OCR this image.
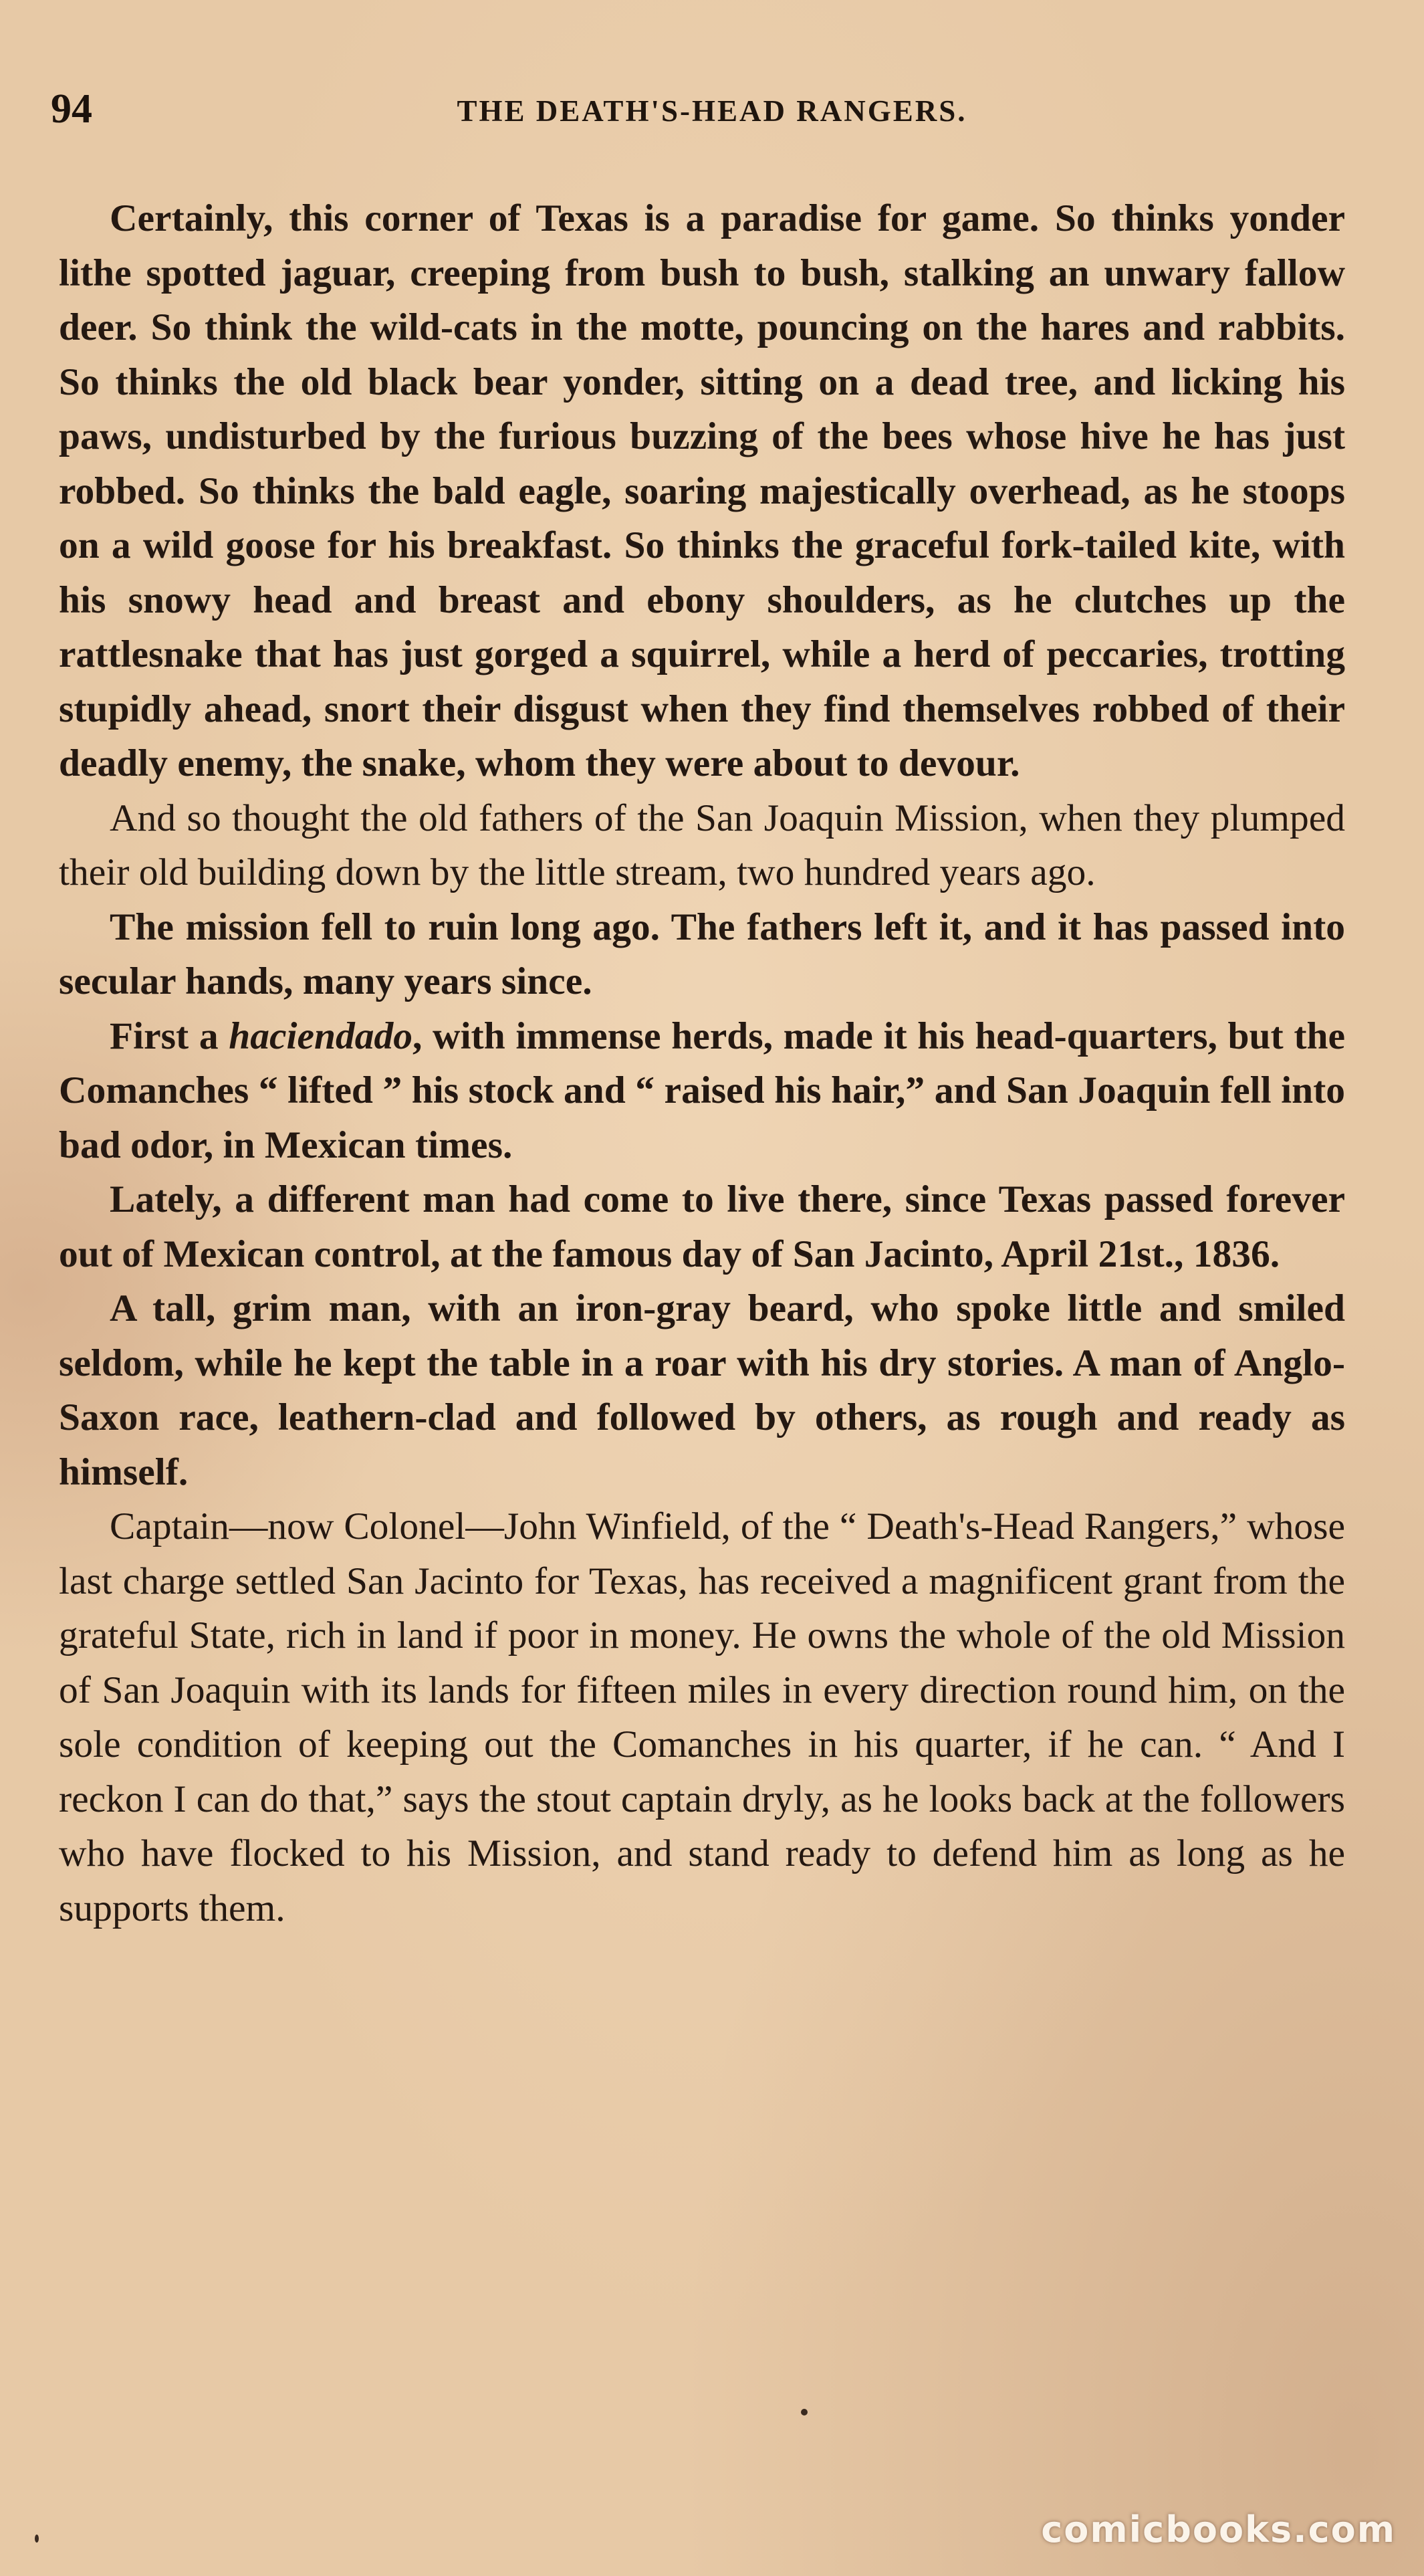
94	THE DEATH'S-HEAD RANGERS.

Certainly, this corner of Texas is a paradise for game. So thinks yonder lithe spotted jaguar, creeping from bush to bush, stalking an unwary fallow deer. So think the wild-cats in the motte, pouncing on the hares and rabbits. So thinks the old black bear yonder, sitting on a dead tree, and licking his paws, undisturbed by the furious buzzing of the bees whose hive he has just robbed. So thinks the bald eagle, soaring majestically overhead, as he stoops on a wild goose for his breakfast. So thinks the graceful fork-tailed kite, with his snowy head and breast and ebony shoulders, as he clutches up the rattlesnake that has just gorged a squirrel, while a herd of peccaries, trotting stupidly ahead, snort their disgust when they find themselves robbed of their deadly enemy, the snake, whom they were about to devour.

And so thought the old fathers of the San Joaquin Mission, when they plumped their old building down by the little stream, two hundred years ago.

The mission fell to ruin long ago. The fathers left it, and it has passed into secular hands, many years since.

First a haciendado, with immense herds, made it his head-quarters, but the Comanches “ lifted ” his stock and “ raised his hair,” and San Joaquin fell into bad odor, in Mexican times.

Lately, a different man had come to live there, since Texas passed forever out of Mexican control, at the famous day of San Jacinto, April 21st., 1836.

A tall, grim man, with an iron-gray beard, who spoke little and smiled seldom, while he kept the table in a roar with his dry stories. A man of Anglo-Saxon race, leathern-clad and followed by others, as rough and ready as himself.

Captain—now Colonel—John Winfield, of the “ Death's-Head Rangers,” whose last charge settled San Jacinto for Texas, has received a magnificent grant from the grateful State, rich in land if poor in money. He owns the whole of the old Mission of San Joaquin with its lands for fifteen miles in every direction round him, on the sole condition of keeping out the Comanches in his quarter, if he can. “ And I reckon I can do that,” says the stout captain dryly, as he looks back at the followers who have flocked to his Mission, and stand ready to defend him as long as he supports them.

comicbooks.com
